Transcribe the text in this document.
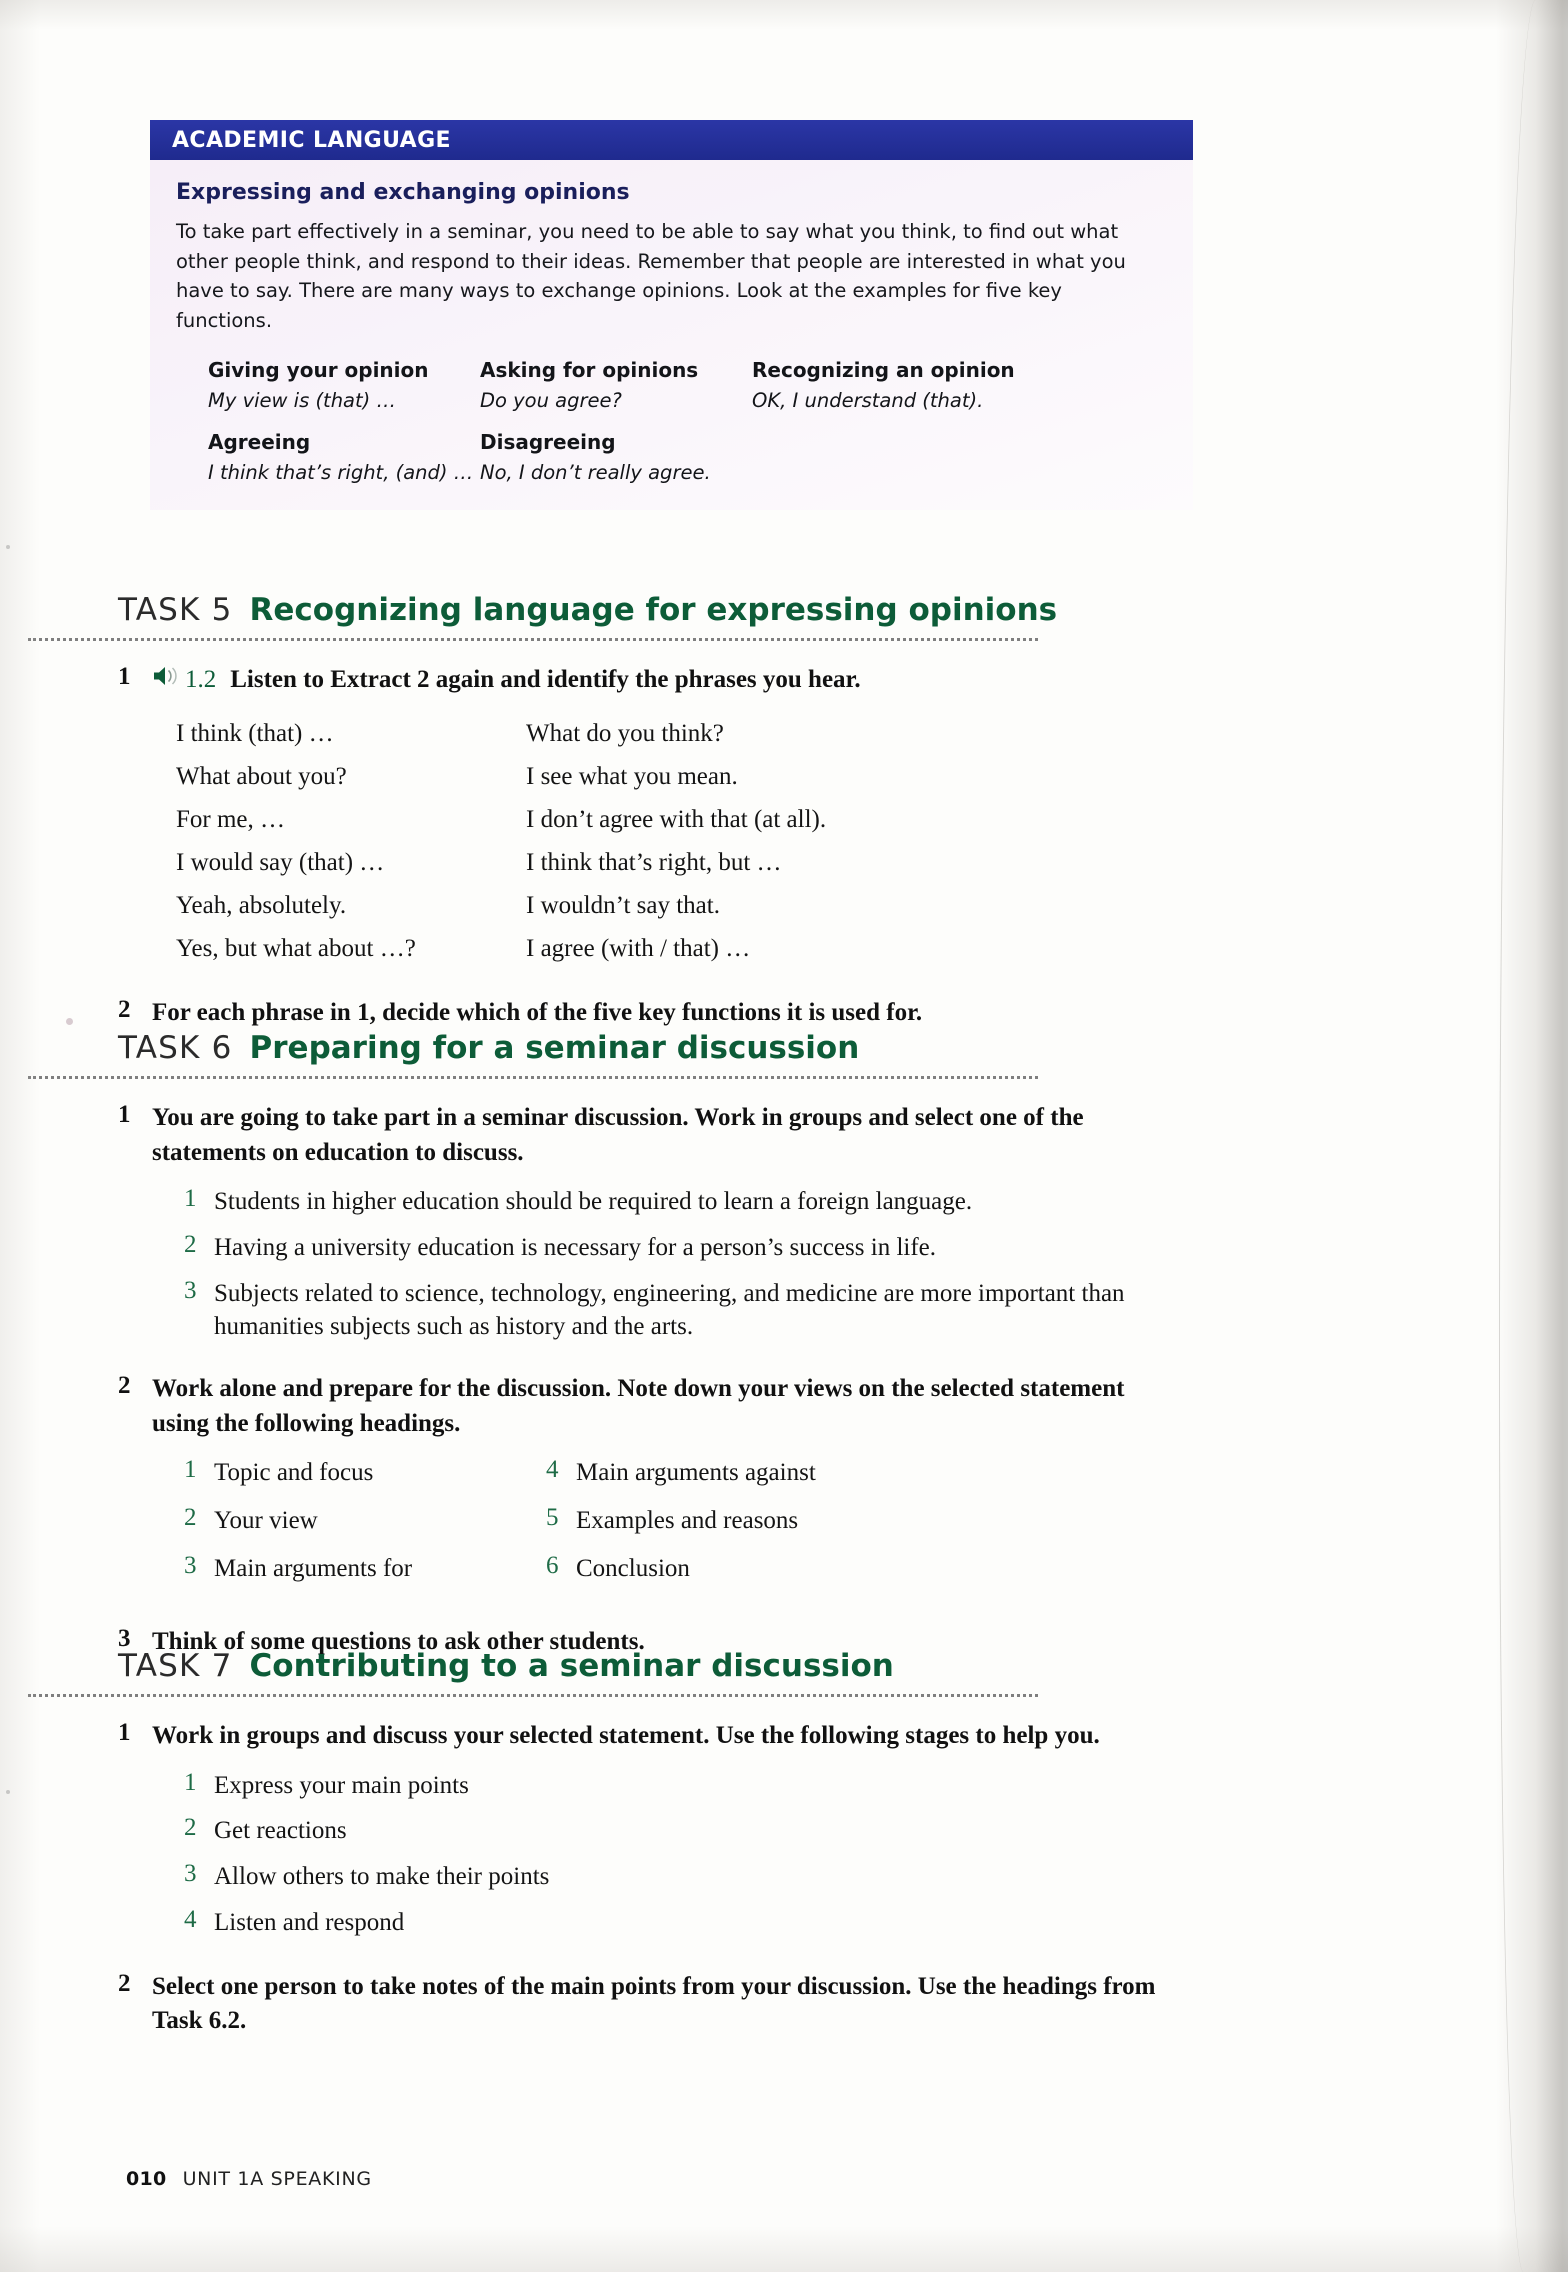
ACADEMIC LANGUAGE
Expressing and exchanging opinions

To take part effectively in a seminar, you need to be able to say what you think, to find out what other people think, and respond to their ideas. Remember that people are interested in what you have to say. There are many ways to exchange opinions. Look at the examples for five key functions.

Giving your opinion
My view is (that) …
Asking for opinions
Do you agree?
Recognizing an opinion
OK, I understand (that).
Agreeing
I think that’s right, (and) …
Disagreeing
No, I don’t really agree.
TASK 5 Recognizing language for expressing opinions
1	1.2 Listen to Extract 2 again and identify the phrases you hear.
I think (that) …
What about you?
For me, …
I would say (that) …
Yeah, absolutely.
Yes, but what about …?
What do you think?
I see what you mean.
I don’t agree with that (at all).
I think that’s right, but …
I wouldn’t say that.
I agree (with / that) …
2 For each phrase in 1, decide which of the five key functions it is used for.
TASK 6 Preparing for a seminar discussion
1 You are going to take part in a seminar discussion. Work in groups and select one of the statements on education to discuss.
1 Students in higher education should be required to learn a foreign language.
2 Having a university education is necessary for a person’s success in life.
3 Subjects related to science, technology, engineering, and medicine are more important than humanities subjects such as history and the arts.
2 Work alone and prepare for the discussion. Note down your views on the selected statement using the following headings.
1 Topic and focus
2 Your view
3 Main arguments for
4 Main arguments against
5 Examples and reasons
6 Conclusion
3 Think of some questions to ask other students.
TASK 7 Contributing to a seminar discussion
1 Work in groups and discuss your selected statement. Use the following stages to help you.
1 Express your main points
2 Get reactions
3 Allow others to make their points
4 Listen and respond
2 Select one person to take notes of the main points from your discussion. Use the headings from Task 6.2.
010 UNIT 1A SPEAKING
